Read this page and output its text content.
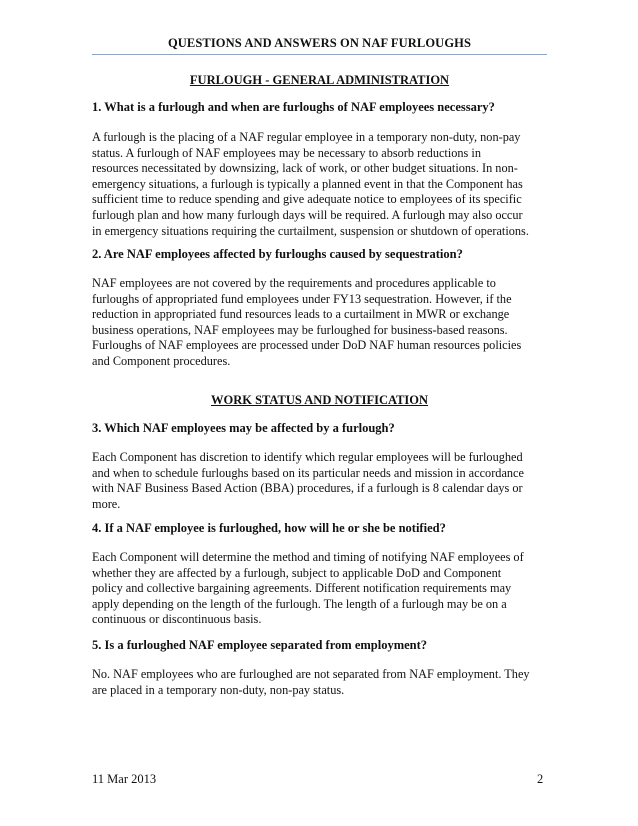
QUESTIONS AND ANSWERS ON NAF FURLOUGHS
FURLOUGH - GENERAL ADMINISTRATION
1. What is a furlough and when are furloughs of NAF employees necessary?
A furlough is the placing of a NAF regular employee in a temporary non-duty, non-pay
status. A furlough of NAF employees may be necessary to absorb reductions in
resources necessitated by downsizing, lack of work, or other budget situations. In non-
emergency situations, a furlough is typically a planned event in that the Component has
sufficient time to reduce spending and give adequate notice to employees of its specific
furlough plan and how many furlough days will be required. A furlough may also occur
in emergency situations requiring the curtailment, suspension or shutdown of operations.
2. Are NAF employees affected by furloughs caused by sequestration?
NAF employees are not covered by the requirements and procedures applicable to
furloughs of appropriated fund employees under FY13 sequestration. However, if the
reduction in appropriated fund resources leads to a curtailment in MWR or exchange
business operations, NAF employees may be furloughed for business-based reasons.
Furloughs of NAF employees are processed under DoD NAF human resources policies
and Component procedures.
WORK STATUS AND NOTIFICATION
3. Which NAF employees may be affected by a furlough?
Each Component has discretion to identify which regular employees will be furloughed
and when to schedule furloughs based on its particular needs and mission in accordance
with NAF Business Based Action (BBA) procedures, if a furlough is 8 calendar days or
more.
4. If a NAF employee is furloughed, how will he or she be notified?
Each Component will determine the method and timing of notifying NAF employees of
whether they are affected by a furlough, subject to applicable DoD and Component
policy and collective bargaining agreements. Different notification requirements may
apply depending on the length of the furlough. The length of a furlough may be on a
continuous or discontinuous basis.
5. Is a furloughed NAF employee separated from employment?
No. NAF employees who are furloughed are not separated from NAF employment. They
are placed in a temporary non-duty, non-pay status.
11 Mar 2013	2
